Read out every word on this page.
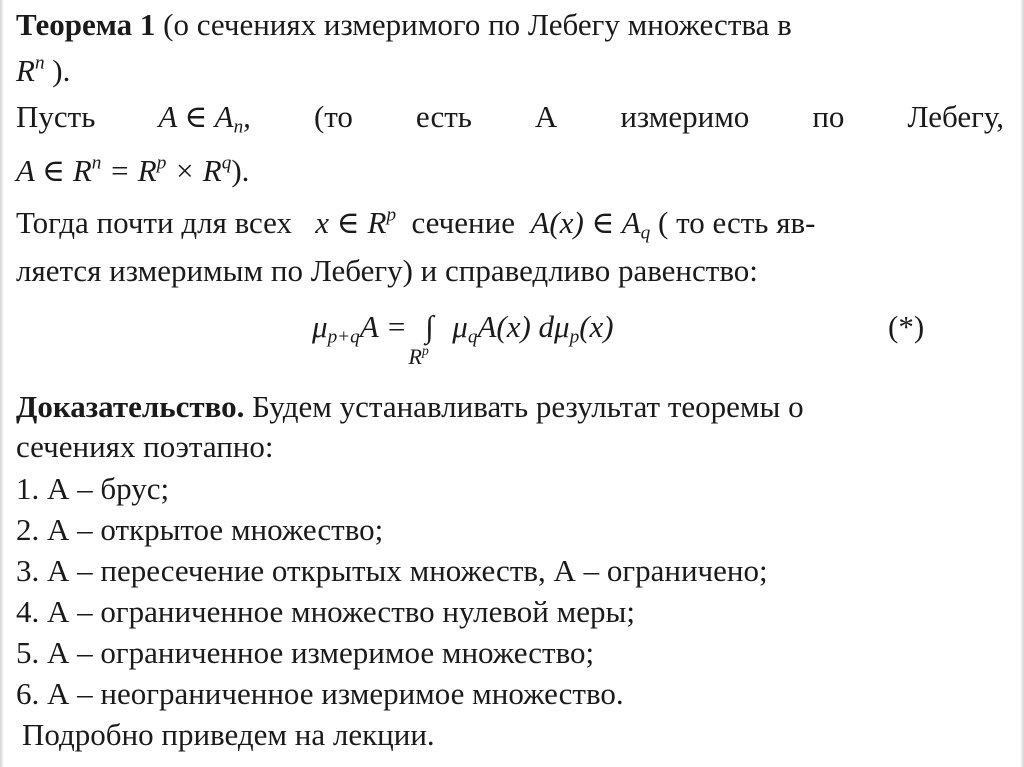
Теорема 1 (о сечениях измеримого по Лебегу множества в
$R^n$ ).
Пусть A ∈ $A_n$, (то есть А измеримо по Лебегу,
A ∈ $R^n = R^p \times R^q$).
Тогда почти для всех x ∈ $R^p$ сечение A(x) ∈ $A_q$ ( то есть яв-
ляется измеримым по Лебегу) и справедливо равенство:
$\mu_{p+q}A$ = ∫
$R^p$
$\mu_qA(x)$ $d\mu_p(x)$	(*)
Доказательство. Будем устанавливать результат теоремы о
сечениях поэтапно:
1. А – брус;
2. А – открытое множество;
3. А – пересечение открытых множеств, А – ограничено;
4. А – ограниченное множество нулевой меры;
5. А – ограниченное измеримое множество;
6. А – неограниченное измеримое множество.
Подробно приведем на лекции.
